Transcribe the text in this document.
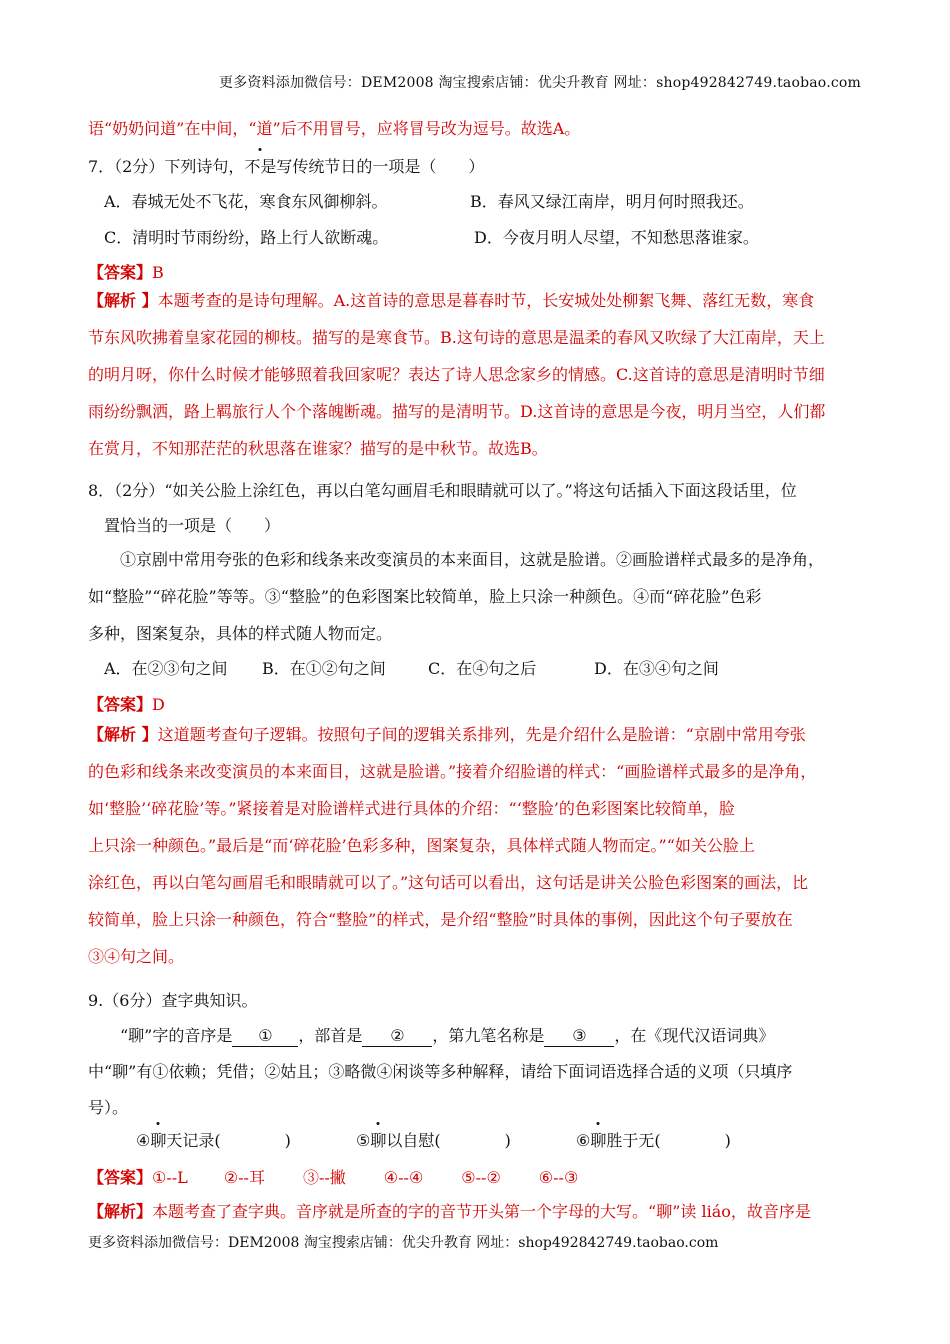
更多资料添加微信号：DEM2008 淘宝搜索店铺：优尖升教育 网址：shop492842749.taobao.com
语“奶奶问道”在中间，“道”后不用冒号，应将冒号改为逗号。故选A。
7．（2分）下列诗句，不是写传统节日的一项是（　　）
A．春城无处不飞花，寒食东风御柳斜。	B．春风又绿江南岸，明月何时照我还。
C．清明时节雨纷纷，路上行人欲断魂。	D．今夜月明人尽望，不知愁思落谁家。
【答案】B
【解析 】本题考查的是诗句理解。A.这首诗的意思是暮春时节，长安城处处柳絮飞舞、落红无数，寒食
节东风吹拂着皇家花园的柳枝。描写的是寒食节。B.这句诗的意思是温柔的春风又吹绿了大江南岸，天上
的明月呀，你什么时候才能够照着我回家呢？表达了诗人思念家乡的情感。C.这首诗的意思是清明时节细
雨纷纷飘洒，路上羁旅行人个个落魄断魂。描写的是清明节。D.这首诗的意思是今夜，明月当空，人们都
在赏月，不知那茫茫的秋思落在谁家？描写的是中秋节。故选B。
8．（2分）“如关公脸上涂红色，再以白笔勾画眉毛和眼睛就可以了。”将这句话插入下面这段话里，位
置恰当的一项是（　　）
①京剧中常用夸张的色彩和线条来改变演员的本来面目，这就是脸谱。②画脸谱样式最多的是净角，
如“整脸”“碎花脸”等等。③“整脸”的色彩图案比较简单，脸上只涂一种颜色。④而“碎花脸”色彩
多种，图案复杂，具体的样式随人物而定。
A．在②③句之间 B．在①②句之间	C．在④句之后	D．在③④句之间
【答案】D
【解析 】这道题考查句子逻辑。按照句子间的逻辑关系排列，先是介绍什么是脸谱：“京剧中常用夸张
的色彩和线条来改变演员的本来面目，这就是脸谱。”接着介绍脸谱的样式：“画脸谱样式最多的是净角，
如‘整脸’‘碎花脸’等。”紧接着是对脸谱样式进行具体的介绍：“‘整脸’的色彩图案比较简单，脸
上只涂一种颜色。”最后是“而‘碎花脸’色彩多种，图案复杂，具体样式随人物而定。”“如关公脸上
涂红色，再以白笔勾画眉毛和眼睛就可以了。”这句话可以看出，这句话是讲关公脸色彩图案的画法，比
较简单，脸上只涂一种颜色，符合“整脸”的样式，是介绍“整脸”时具体的事例，因此这个句子要放在
③④句之间。
9.（6分）查字典知识。
“聊”字的音序是 ① ，部首是 ② ，第九笔名称是 ③ ，在《现代汉语词典》
中“聊”有①依赖；凭借；②姑且；③略微④闲谈等多种解释，请给下面词语选择合适的义项（只填序
号）。
④聊天记录(　　　　)	⑤聊以自慰(　　　　)	⑥聊胜于无(　　　　)
【答案】①--L ②--耳 ③--撇 ④--④ ⑤--② ⑥--③
【解析】本题考查了查字典。音序就是所查的字的音节开头第一个字母的大写。“聊”读 liáo，故音序是
更多资料添加微信号：DEM2008 淘宝搜索店铺：优尖升教育 网址：shop492842749.taobao.com
